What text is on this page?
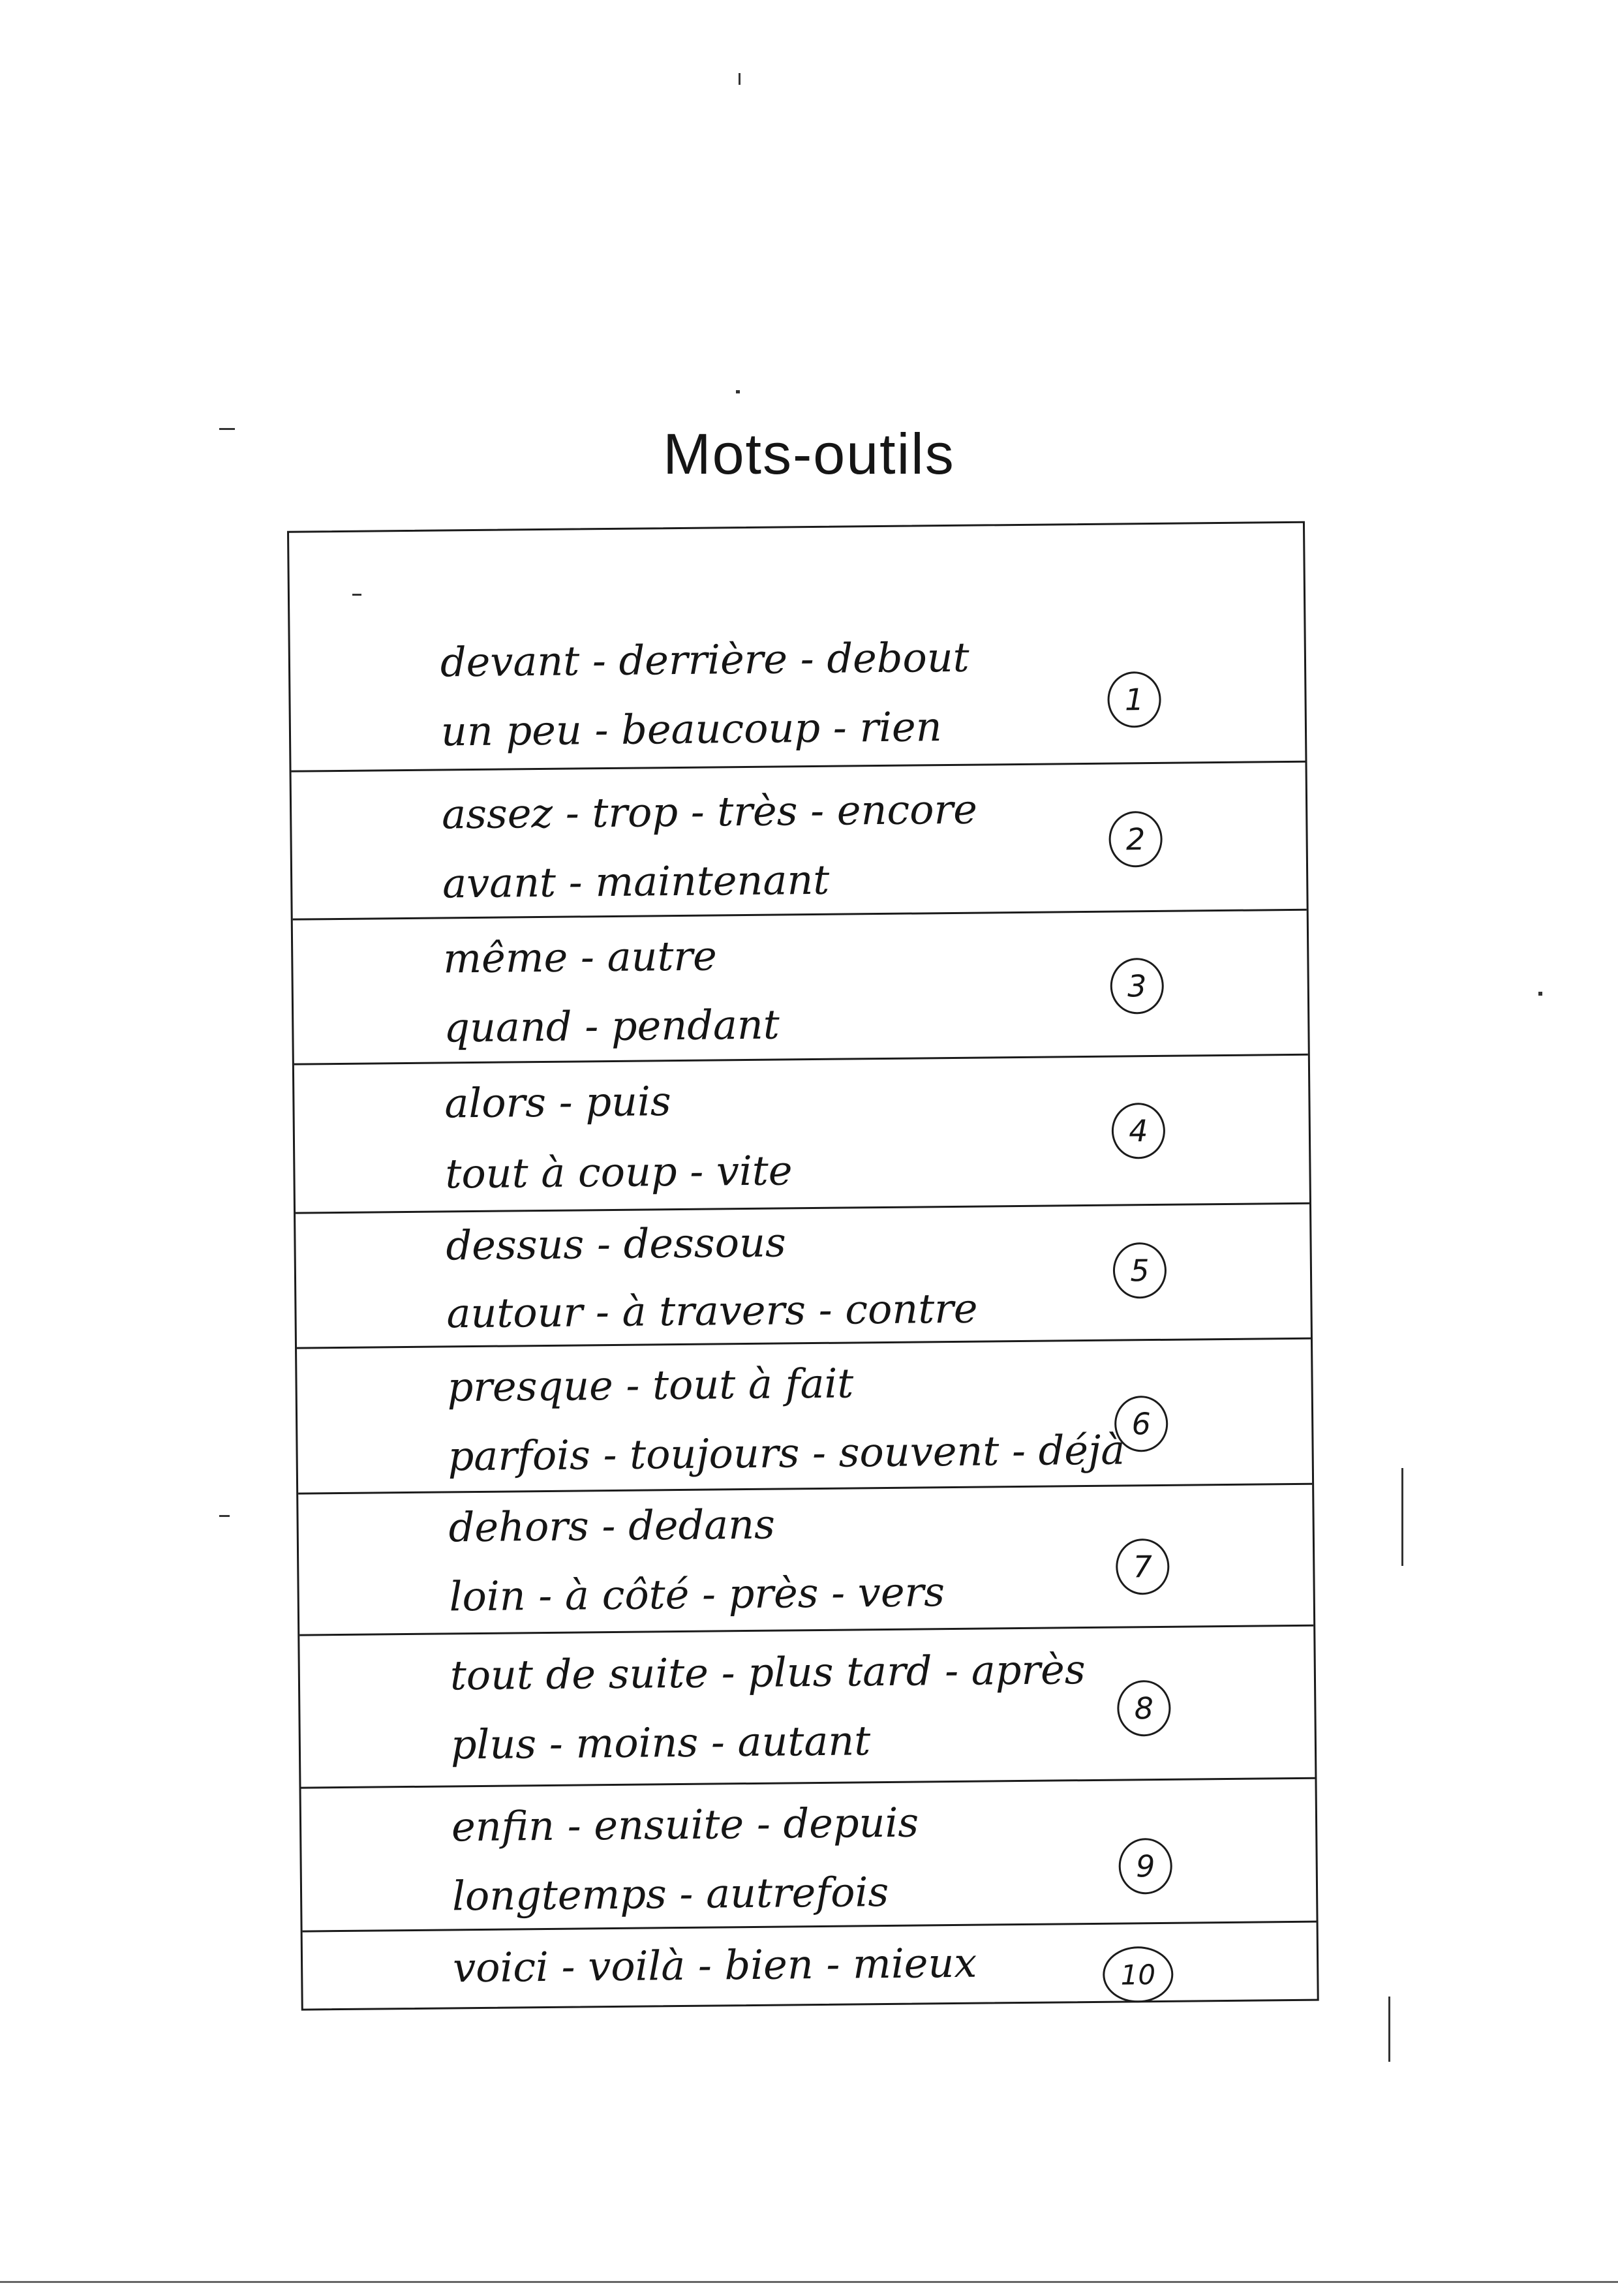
Mots-outils
devant - derrière - debout
un peu - beaucoup - rien
1
assez - trop - très - encore
avant - maintenant
2
même - autre
quand - pendant
3
alors - puis
tout à coup - vite
4
dessus - dessous
autour - à travers - contre
5
presque - tout à fait
parfois - toujours - souvent - déjà
6
dehors - dedans
loin - à côté - près - vers
7
tout de suite - plus tard - après
plus - moins - autant
8
enfin - ensuite - depuis
longtemps - autrefois
9
voici - voilà - bien - mieux	10
